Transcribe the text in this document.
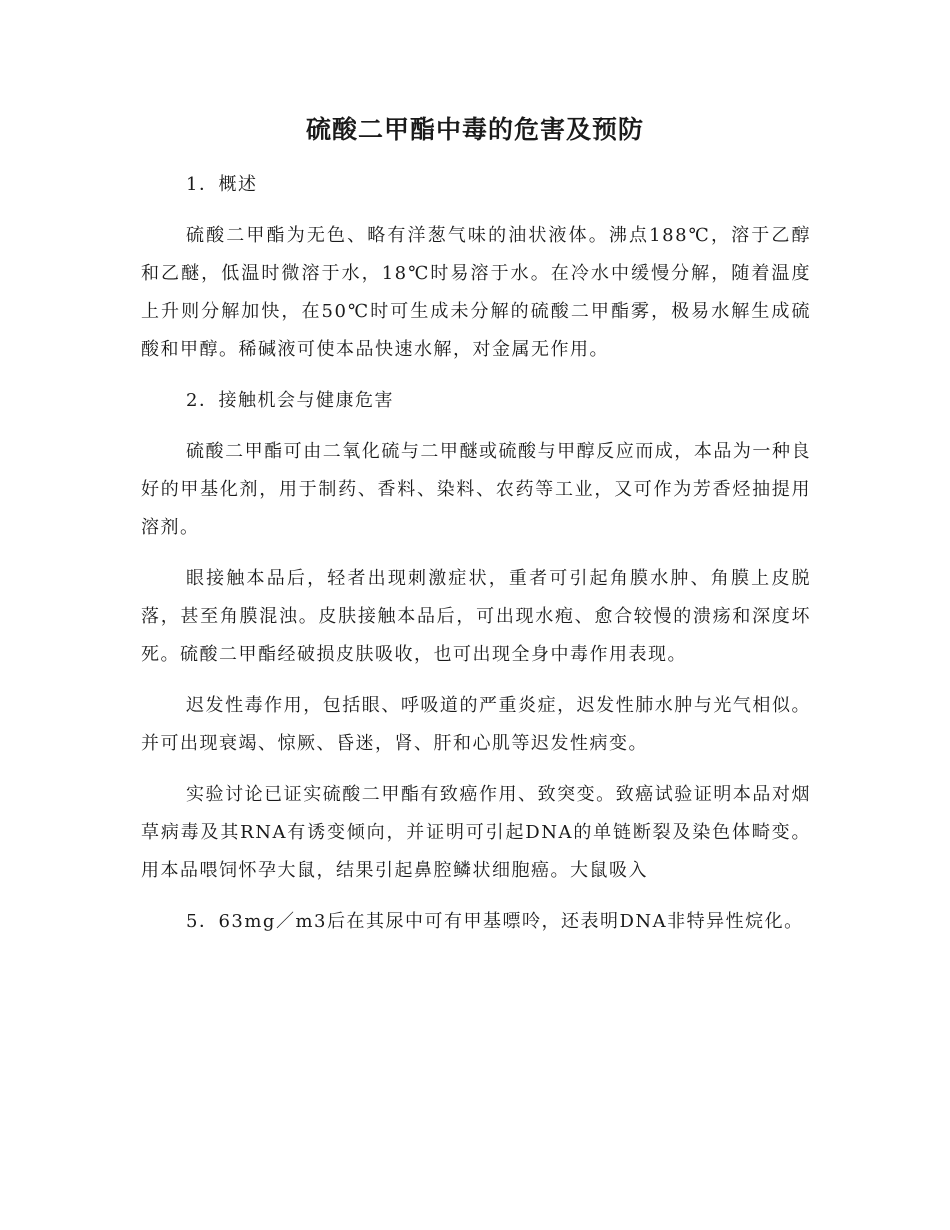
硫酸二甲酯中毒的危害及预防

1．概述

硫酸二甲酯为无色、略有洋葱气味的油状液体。沸点188℃，溶于乙醇和乙醚，低温时微溶于水，18℃时易溶于水。在冷水中缓慢分解，随着温度上升则分解加快，在50℃时可生成未分解的硫酸二甲酯雾，极易水解生成硫酸和甲醇。稀碱液可使本品快速水解，对金属无作用。

2．接触机会与健康危害

硫酸二甲酯可由二氧化硫与二甲醚或硫酸与甲醇反应而成，本品为一种良好的甲基化剂，用于制药、香料、染料、农药等工业，又可作为芳香烃抽提用溶剂。

眼接触本品后，轻者出现刺激症状，重者可引起角膜水肿、角膜上皮脱落，甚至角膜混浊。皮肤接触本品后，可出现水疱、愈合较慢的溃疡和深度坏死。硫酸二甲酯经破损皮肤吸收，也可出现全身中毒作用表现。

迟发性毒作用，包括眼、呼吸道的严重炎症，迟发性肺水肿与光气相似。并可出现衰竭、惊厥、昏迷，肾、肝和心肌等迟发性病变。

实验讨论已证实硫酸二甲酯有致癌作用、致突变。致癌试验证明本品对烟草病毒及其RNA有诱变倾向，并证明可引起DNA的单链断裂及染色体畸变。用本品喂饲怀孕大鼠，结果引起鼻腔鳞状细胞癌。大鼠吸入

5．63mg／m3后在其尿中可有甲基嘌呤，还表明DNA非特异性烷化。
